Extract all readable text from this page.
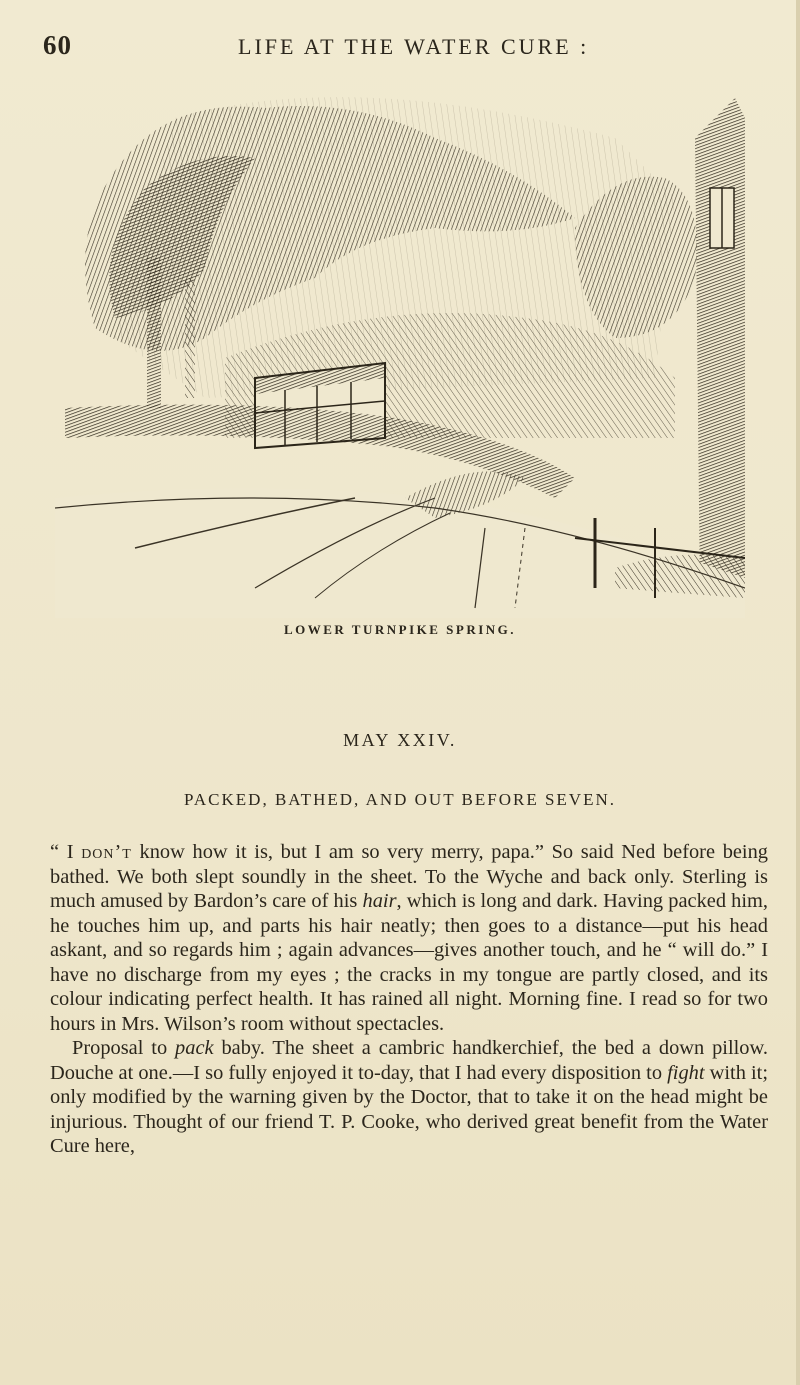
60	LIFE AT THE WATER CURE :
LOWER TURNPIKE SPRING.
MAY XXIV.
PACKED, BATHED, AND OUT BEFORE SEVEN.

“ I don’t know how it is, but I am so very merry, papa.” So said Ned before being bathed. We both slept soundly in the sheet. To the Wyche and back only. Sterling is much amused by Bardon’s care of his hair, which is long and dark. Having packed him, he touches him up, and parts his hair neatly; then goes to a distance—put his head askant, and so regards him ; again advances—gives another touch, and he “ will do.” I have no discharge from my eyes ; the cracks in my tongue are partly closed, and its colour indicating perfect health. It has rained all night. Morning fine. I read so for two hours in Mrs. Wilson’s room without spectacles.

Proposal to pack baby. The sheet a cambric handkerchief, the bed a down pillow. Douche at one.—I so fully enjoyed it to-day, that I had every disposition to fight with it; only modified by the warning given by the Doctor, that to take it on the head might be injurious. Thought of our friend T. P. Cooke, who derived great benefit from the Water Cure here,
